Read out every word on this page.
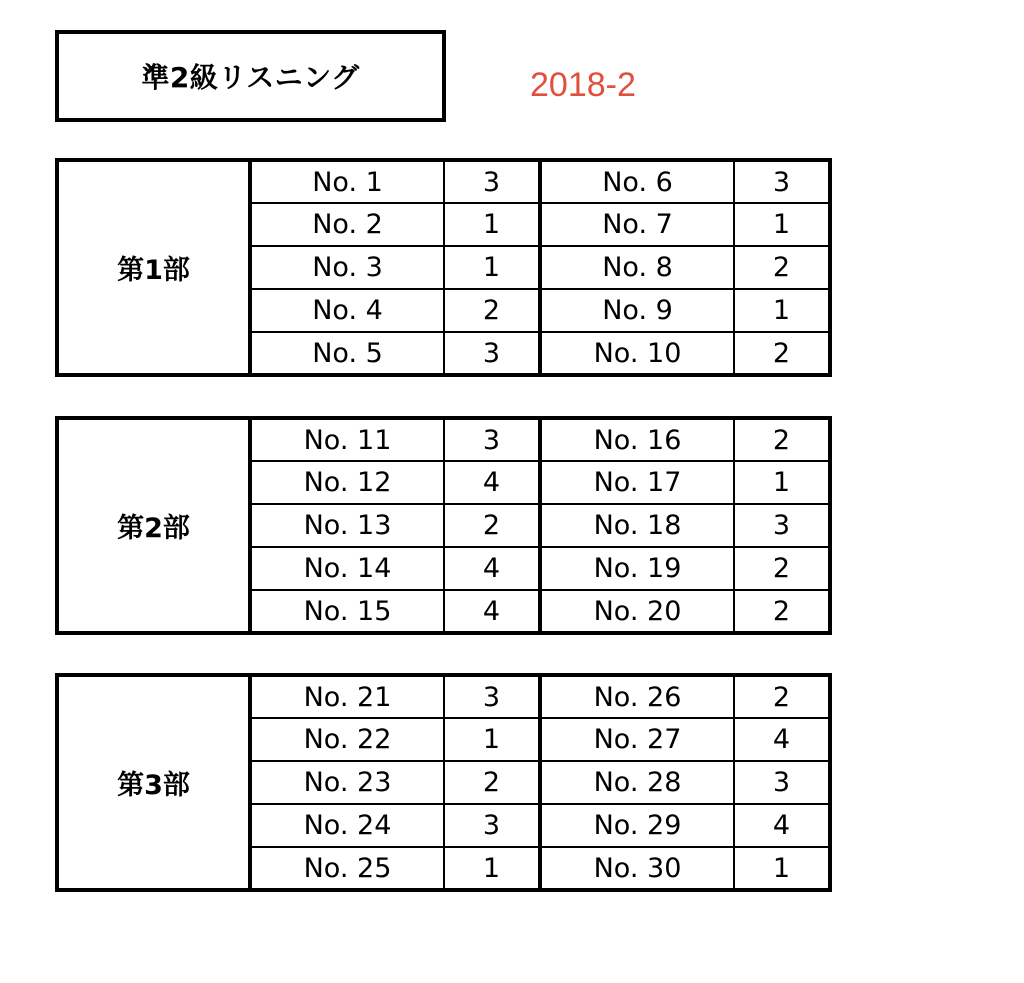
準2級リスニング	2018-2
第1部
No. 1	3	No. 6	3
No. 2	1	No. 7	1
No. 3	1	No. 8	2
No. 4	2	No. 9	1
No. 5	3	No. 10	2
第2部
No. 11	3	No. 16	2
No. 12	4	No. 17	1
No. 13	2	No. 18	3
No. 14	4	No. 19	2
No. 15	4	No. 20	2
第3部
No. 21	3	No. 26	2
No. 22	1	No. 27	4
No. 23	2	No. 28	3
No. 24	3	No. 29	4
No. 25	1	No. 30	1
